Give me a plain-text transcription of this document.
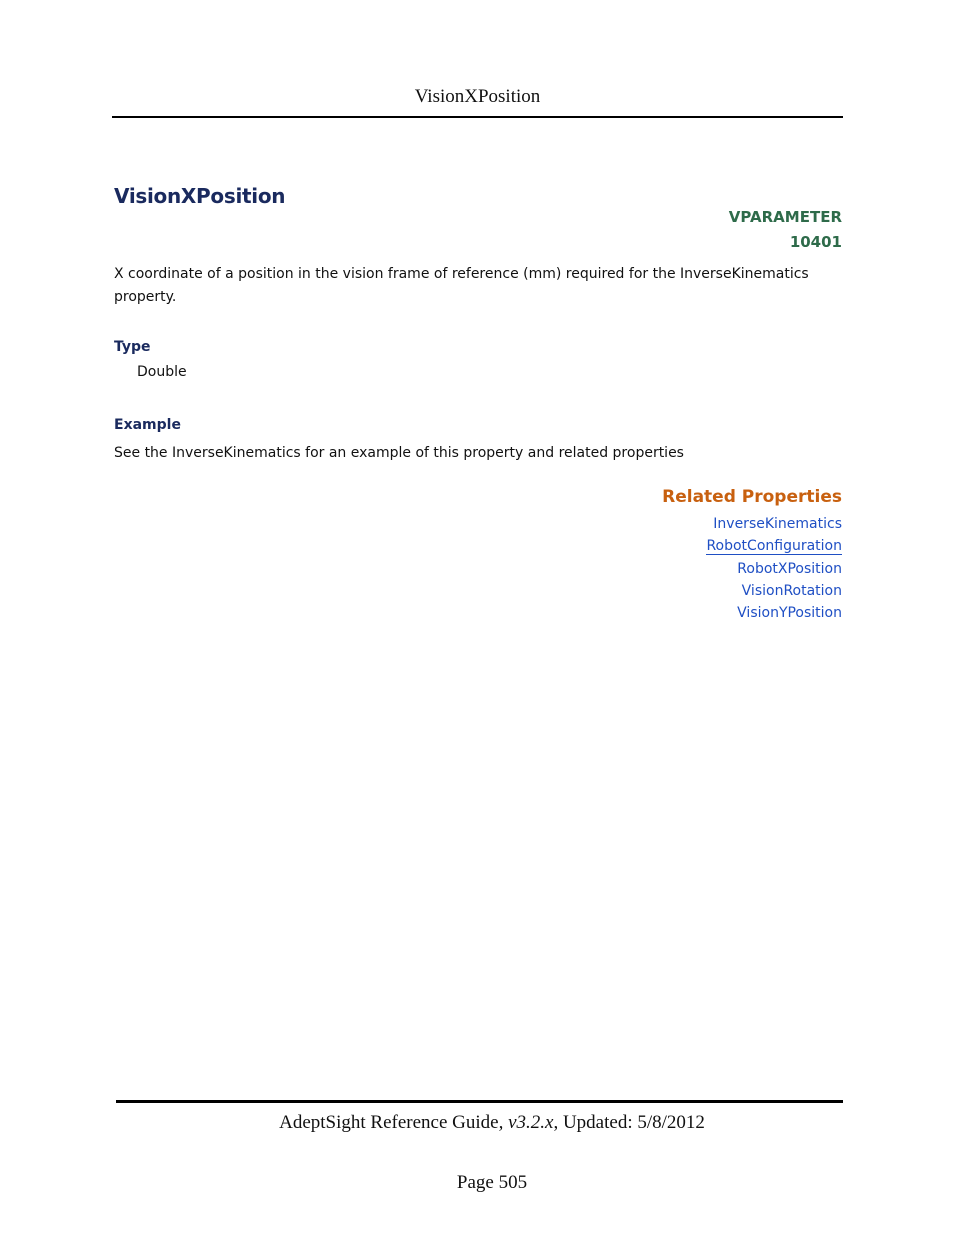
VisionXPosition
VisionXPosition
VPARAMETER
10401
X coordinate of a position in the vision frame of reference (mm) required for the InverseKinematics property.
Type
Double
Example
See the InverseKinematics for an example of this property and related properties
Related Properties
InverseKinematics
RobotConfiguration
RobotXPosition
VisionRotation
VisionYPosition
AdeptSight Reference Guide, v3.2.x, Updated: 5/8/2012
Page 505
